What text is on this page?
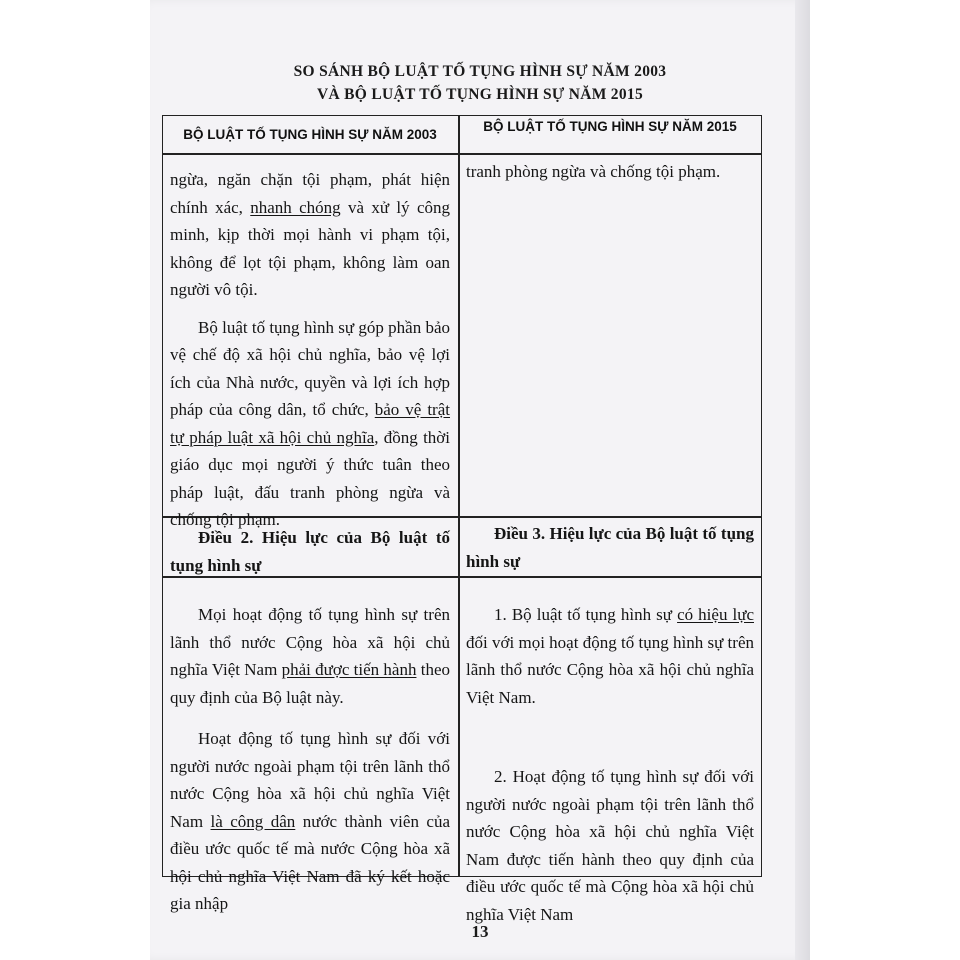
SO SÁNH BỘ LUẬT TỐ TỤNG HÌNH SỰ NĂM 2003

VÀ BỘ LUẬT TỐ TỤNG HÌNH SỰ NĂM 2015

BỘ LUẬT TỐ TỤNG HÌNH SỰ NĂM 2003
BỘ LUẬT TỐ TỤNG HÌNH SỰ NĂM 2015

ngừa, ngăn chặn tội phạm, phát hiện chính xác, nhanh chóng và xử lý công minh, kịp thời mọi hành vi phạm tội, không để lọt tội phạm, không làm oan người vô tội.

Bộ luật tố tụng hình sự góp phần bảo vệ chế độ xã hội chủ nghĩa, bảo vệ lợi ích của Nhà nước, quyền và lợi ích hợp pháp của công dân, tổ chức, bảo vệ trật tự pháp luật xã hội chủ nghĩa, đồng thời giáo dục mọi người ý thức tuân theo pháp luật, đấu tranh phòng ngừa và chống tội phạm.

tranh phòng ngừa và chống tội phạm.

Điều 2. Hiệu lực của Bộ luật tố tụng hình sự

Mọi hoạt động tố tụng hình sự trên lãnh thổ nước Cộng hòa xã hội chủ nghĩa Việt Nam phải được tiến hành theo quy định của Bộ luật này.

Hoạt động tố tụng hình sự đối với người nước ngoài phạm tội trên lãnh thổ nước Cộng hòa xã hội chủ nghĩa Việt Nam là công dân nước thành viên của điều ước quốc tế mà nước Cộng hòa xã hội chủ nghĩa Việt Nam đã ký kết hoặc gia nhập

Điều 3. Hiệu lực của Bộ luật tố tụng hình sự

1. Bộ luật tố tụng hình sự có hiệu lực đối với mọi hoạt động tố tụng hình sự trên lãnh thổ nước Cộng hòa xã hội chủ nghĩa Việt Nam.

2. Hoạt động tố tụng hình sự đối với người nước ngoài phạm tội trên lãnh thổ nước Cộng hòa xã hội chủ nghĩa Việt Nam được tiến hành theo quy định của điều ước quốc tế mà Cộng hòa xã hội chủ nghĩa Việt Nam

13
